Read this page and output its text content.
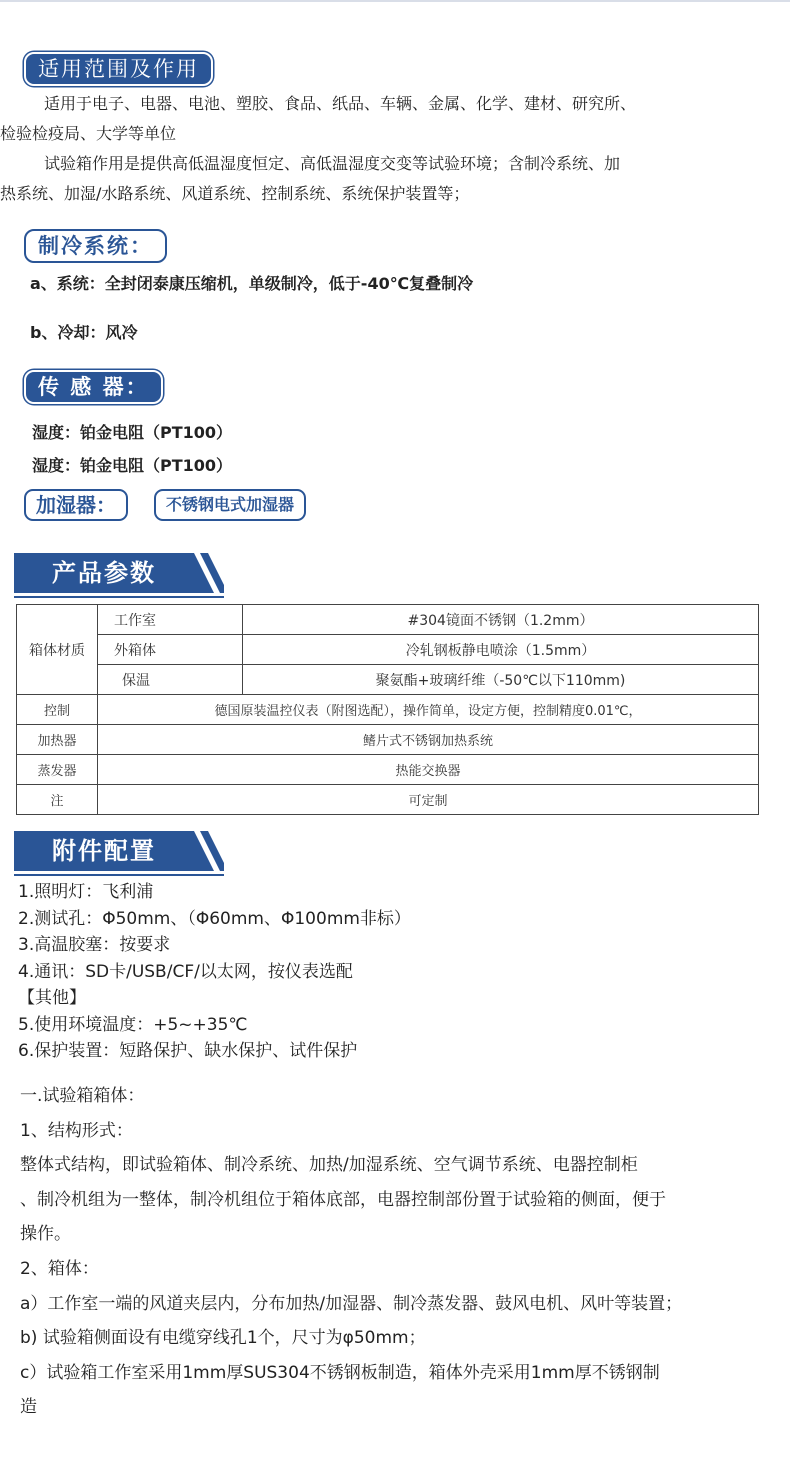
适用范围及作用

适用于电子、电器、电池、塑胶、食品、纸品、车辆、金属、化学、建材、研究所、
检验检疫局、大学等单位

试验箱作用是提供高低温湿度恒定、高低温湿度交变等试验环境；含制冷系统、加
热系统、加湿/水路系统、风道系统、控制系统、系统保护装置等；

制冷系统：

a、系统：全封闭泰康压缩机，单级制冷，低于-40℃复叠制冷

b、冷却：风冷

传 感 器：

湿度：铂金电阻（PT100）

湿度：铂金电阻（PT100）

加湿器：	不锈钢电式加湿器
产品参数
箱体材质	工作室	#304镜面不锈钢（1.2mm）
	外箱体	冷轧钢板静电喷涂（1.5mm）
	保温	聚氨酯+玻璃纤维（-50℃以下110mm)
控制	德国原装温控仪表（附图选配），操作简单，设定方便，控制精度0.01℃，	
加热器	鳍片式不锈钢加热系统	
蒸发器	热能交换器	
注	可定制	
附件配置
1.照明灯：飞利浦
2.测试孔：Φ50mm、（Φ60mm、Φ100mm非标）
3.高温胶塞：按要求
4.通讯：SD卡/USB/CF/以太网，按仪表选配
【其他】
5.使用环境温度：+5~+35℃
6.保护装置：短路保护、缺水保护、试件保护
一.试验箱箱体：
1、结构形式：
整体式结构，即试验箱体、制冷系统、加热/加湿系统、空气调节系统、电器控制柜
、制冷机组为一整体，制冷机组位于箱体底部，电器控制部份置于试验箱的侧面，便于
操作。
2、箱体：
a）工作室一端的风道夹层内，分布加热/加湿器、制冷蒸发器、鼓风电机、风叶等装置；
b) 试验箱侧面设有电缆穿线孔1个，尺寸为φ50mm；
c）试验箱工作室采用1mm厚SUS304不锈钢板制造，箱体外壳采用1mm厚不锈钢制
造
